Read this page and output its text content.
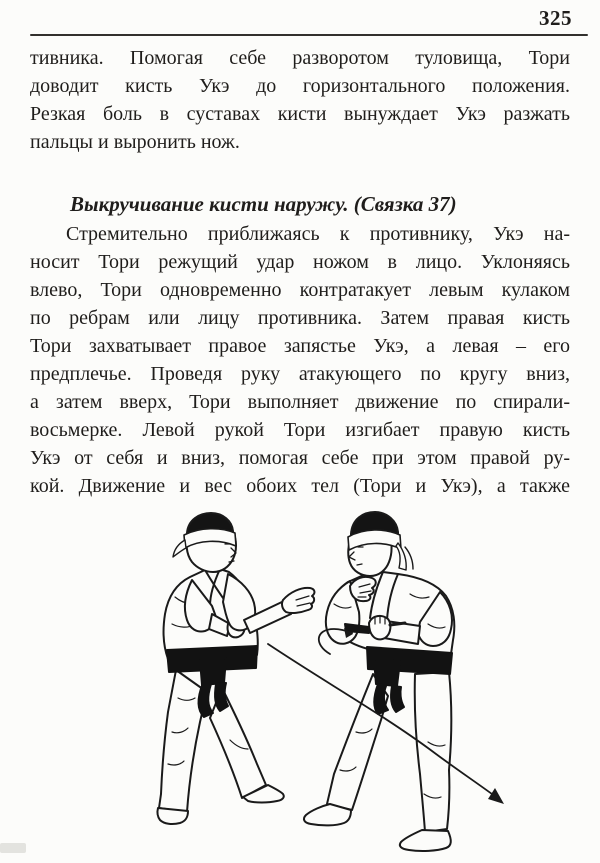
325
тивника. Помогая себе разворотом туловища, Тори
доводит кисть Укэ до горизонтального положения.
Резкая боль в суставах кисти вынуждает Укэ разжать
пальцы и выронить нож.
Выкручивание кисти наружу. (Связка 37)
Стремительно приближаясь к противнику, Укэ на-
носит Тори режущий удар ножом в лицо. Уклоняясь
влево, Тори одновременно контратакует левым кулаком
по ребрам или лицу противника. Затем правая кисть
Тори захватывает правое запястье Укэ, а левая – его
предплечье. Проведя руку атакующего по кругу вниз,
а затем вверх, Тори выполняет движение по спирали-
восьмерке. Левой рукой Тори изгибает правую кисть
Укэ от себя и вниз, помогая себе при этом правой ру-
кой. Движение и вес обоих тел (Тори и Укэ), а также
